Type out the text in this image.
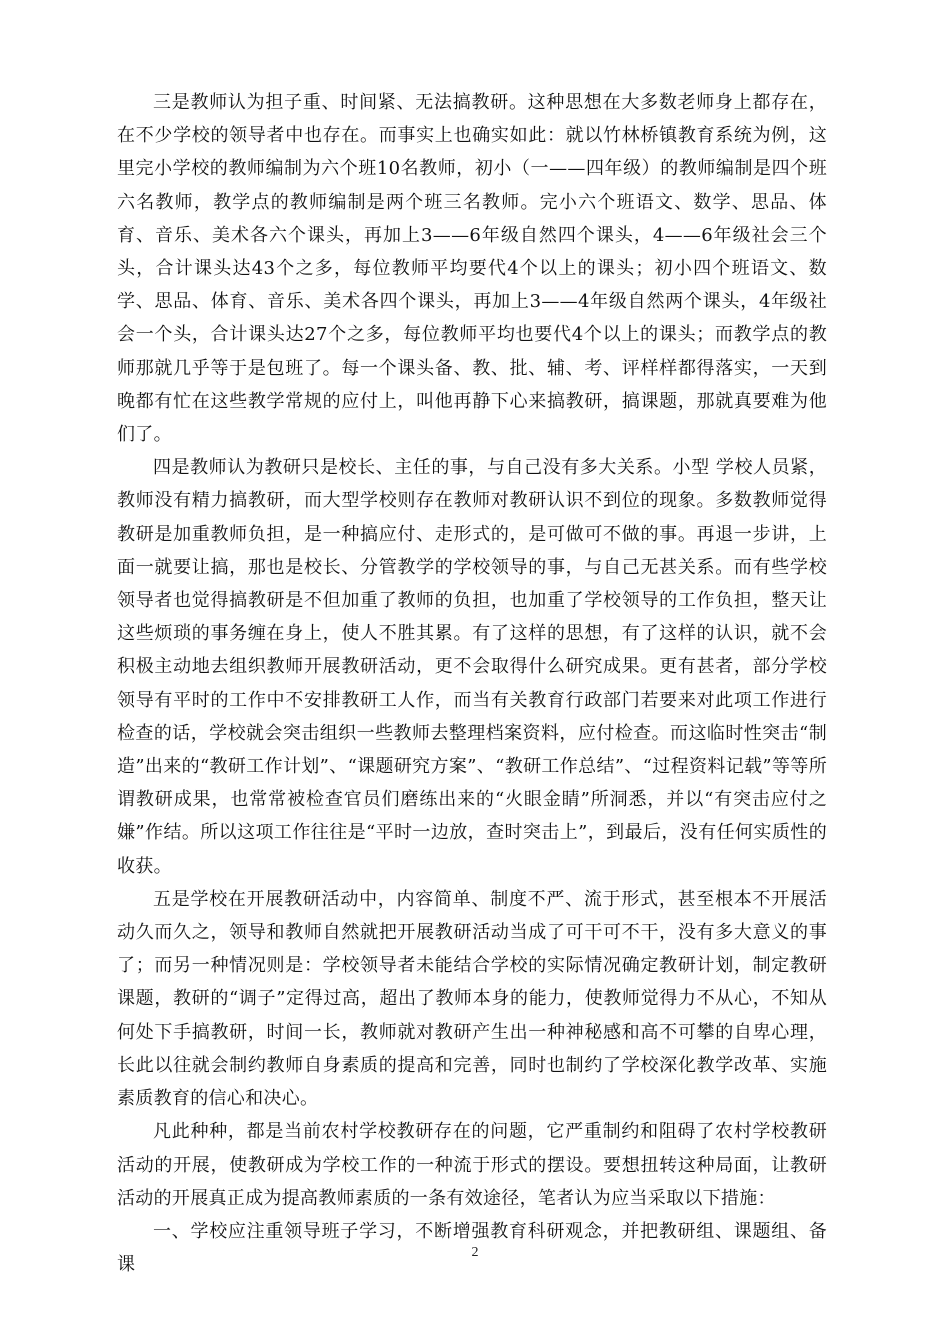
三是教师认为担子重、时间紧、无法搞教研。这种思想在大多数老师身上都存在，在不少学校的领导者中也存在。而事实上也确实如此：就以竹林桥镇教育系统为例，这里完小学校的教师编制为六个班10名教师，初小（一——四年级）的教师编制是四个班六名教师，教学点的教师编制是两个班三名教师。完小六个班语文、数学、思品、体育、音乐、美术各六个课头，再加上3——6年级自然四个课头，4——6年级社会三个头，合计课头达43个之多，每位教师平均要代4个以上的课头；初小四个班语文、数学、思品、体育、音乐、美术各四个课头，再加上3——4年级自然两个课头，4年级社会一个头，合计课头达27个之多，每位教师平均也要代4个以上的课头；而教学点的教师那就几乎等于是包班了。每一个课头备、教、批、辅、考、评样样都得落实，一天到晚都有忙在这些教学常规的应付上，叫他再静下心来搞教研，搞课题，那就真要难为他们了。

四是教师认为教研只是校长、主任的事，与自己没有多大关系。小型 学校人员紧，教师没有精力搞教研，而大型学校则存在教师对教研认识不到位的现象。多数教师觉得教研是加重教师负担，是一种搞应付、走形式的，是可做可不做的事。再退一步讲，上面一就要让搞，那也是校长、分管教学的学校领导的事，与自己无甚关系。而有些学校领导者也觉得搞教研是不但加重了教师的负担，也加重了学校领导的工作负担，整天让这些烦琐的事务缠在身上，使人不胜其累。有了这样的思想，有了这样的认识，就不会积极主动地去组织教师开展教研活动，更不会取得什么研究成果。更有甚者，部分学校领导有平时的工作中不安排教研工人作，而当有关教育行政部门若要来对此项工作进行检查的话，学校就会突击组织一些教师去整理档案资料，应付检查。而这临时性突击“制造”出来的“教研工作计划”、“课题研究方案”、“教研工作总结”、“过程资料记载”等等所谓教研成果，也常常被检查官员们磨练出来的“火眼金睛”所洞悉，并以“有突击应付之嫌”作结。所以这项工作往往是“平时一边放，查时突击上”，到最后，没有任何实质性的收获。

五是学校在开展教研活动中，内容简单、制度不严、流于形式，甚至根本不开展活动久而久之，领导和教师自然就把开展教研活动当成了可干可不干，没有多大意义的事了；而另一种情况则是：学校领导者未能结合学校的实际情况确定教研计划，制定教研课题，教研的“调子”定得过高，超出了教师本身的能力，使教师觉得力不从心，不知从何处下手搞教研，时间一长，教师就对教研产生出一种神秘感和高不可攀的自卑心理，长此以往就会制约教师自身素质的提高和完善，同时也制约了学校深化教学改革、实施素质教育的信心和决心。

凡此种种，都是当前农村学校教研存在的问题，它严重制约和阻碍了农村学校教研活动的开展，使教研成为学校工作的一种流于形式的摆设。要想扭转这种局面，让教研活动的开展真正成为提高教师素质的一条有效途径，笔者认为应当采取以下措施：

一、学校应注重领导班子学习，不断增强教育科研观念，并把教研组、课题组、备课

2
